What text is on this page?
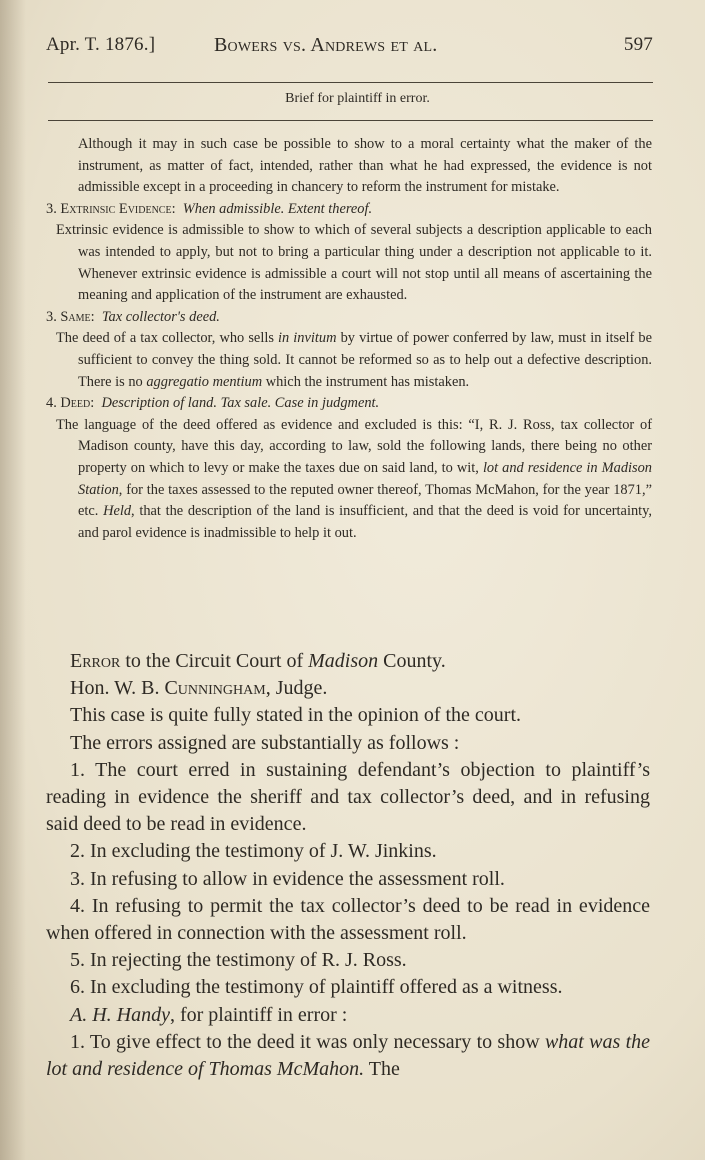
Apr. T. 1876.]	Bowers vs. Andrews et al.	597
Brief for plaintiff in error.

Although it may in such case be possible to show to a moral certainty what the maker of the instrument, as matter of fact, intended, rather than what he had expressed, the evidence is not admissible except in a proceeding in chancery to reform the instrument for mistake.

3. Extrinsic Evidence:  When admissible. Extent thereof.

Extrinsic evidence is admissible to show to which of several subjects a description applicable to each was intended to apply, but not to bring a particular thing under a description not applicable to it. Whenever extrinsic evidence is admissible a court will not stop until all means of ascertaining the meaning and application of the instrument are exhausted.

3. Same:  Tax collector's deed.

The deed of a tax collector, who sells in invitum by virtue of power conferred by law, must in itself be sufficient to convey the thing sold. It cannot be reformed so as to help out a defective description. There is no aggregatio mentium which the instrument has mistaken.

4. Deed:  Description of land. Tax sale. Case in judgment.

The language of the deed offered as evidence and excluded is this: “I, R. J. Ross, tax collector of Madison county, have this day, according to law, sold the following lands, there being no other property on which to levy or make the taxes due on said land, to wit, lot and residence in Madison Station, for the taxes assessed to the reputed owner thereof, Thomas McMahon, for the year 1871,” etc. Held, that the description of the land is insufficient, and that the deed is void for uncertainty, and parol evidence is inadmissible to help it out.

Error to the Circuit Court of Madison County.

Hon. W. B. Cunningham, Judge.

This case is quite fully stated in the opinion of the court.

The errors assigned are substantially as follows :

1. The court erred in sustaining defendant’s objection to plaintiff’s reading in evidence the sheriff and tax collector’s deed, and in refusing said deed to be read in evidence.

2. In excluding the testimony of J. W. Jinkins.

3. In refusing to allow in evidence the assessment roll.

4. In refusing to permit the tax collector’s deed to be read in evidence when offered in connection with the assessment roll.

5. In rejecting the testimony of R. J. Ross.

6. In excluding the testimony of plaintiff offered as a witness.

A. H. Handy, for plaintiff in error :

1. To give effect to the deed it was only necessary to show what was the lot and residence of Thomas McMahon. The
